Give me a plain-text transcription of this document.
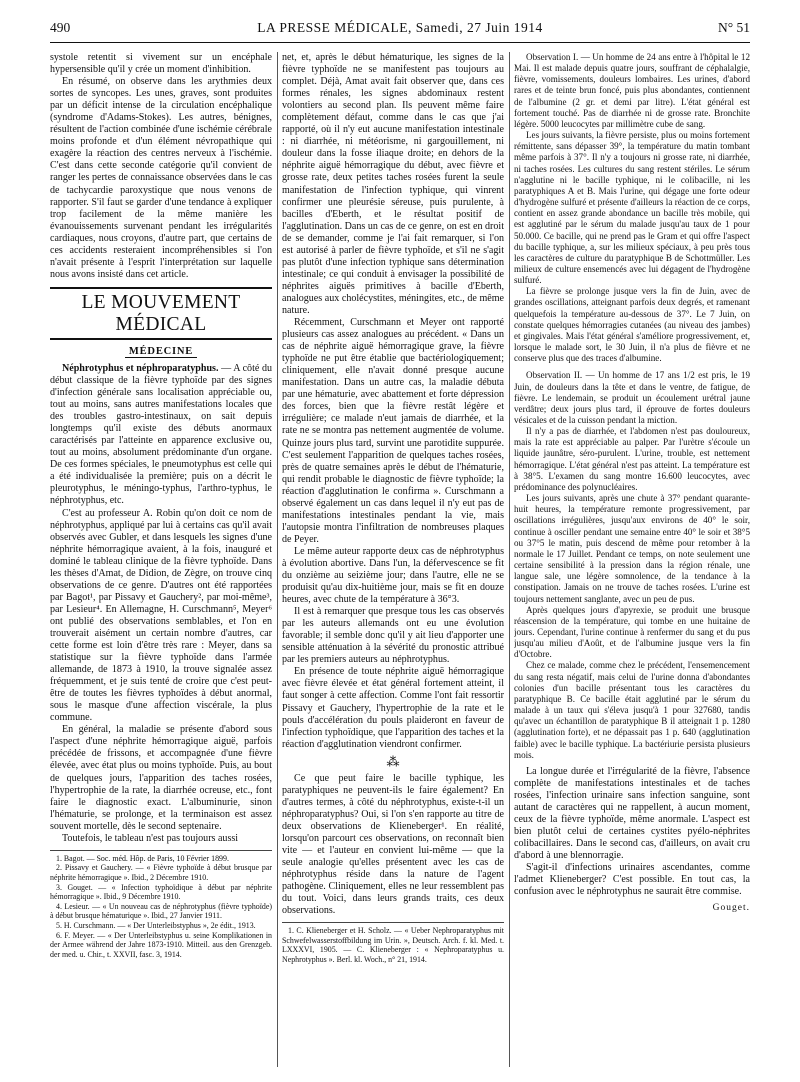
490	LA PRESSE MÉDICALE, Samedi, 27 Juin 1914	N° 51

systole retentit si vivement sur un encéphale hypersensible qu'il y crée un moment d'inhibition.

En résumé, on observe dans les arythmies deux sortes de syncopes. Les unes, graves, sont produites par un déficit intense de la circulation encéphalique (syndrome d'Adams-Stokes). Les autres, bénignes, résultent de l'action combinée d'une ischémie cérébrale moins profonde et d'un élément névropathique qui exagère la réaction des centres nerveux à l'ischémie. C'est dans cette seconde catégorie qu'il convient de ranger les pertes de connaissance observées dans le cas de tachycardie paroxystique que nous venons de rapporter. S'il faut se garder d'une tendance à expliquer trop facilement de la même manière les évanouissements survenant pendant les irrégularités cardiaques, nous croyons, d'autre part, que certains de ces accidents resteraient incompréhensibles si l'on n'avait présente à l'esprit l'interprétation sur laquelle nous avons insisté dans cet article.

LE MOUVEMENT MÉDICAL
MÉDECINE

Néphrotyphus et néphroparatyphus. — A côté du début classique de la fièvre typhoïde par des signes d'infection générale sans localisation appréciable ou, tout au moins, sans autres manifestations locales que des troubles gastro-intestinaux, on sait depuis longtemps qu'il existe des débuts anormaux caractérisés par l'atteinte en apparence exclusive ou, tout au moins, absolument prédominante d'un organe. De ces formes spéciales, le pneumotyphus est celle qui a été individualisée la première; puis on a décrit le pleurotyphus, le méningo-typhus, l'arthro-typhus, le néphrotyphus, etc.

C'est au professeur A. Robin qu'on doit ce nom de néphrotyphus, appliqué par lui à certains cas qu'il avait observés avec Gubler, et dans lesquels les signes d'une néphrite hémorragique avaient, à la fois, inauguré et dominé le tableau clinique de la fièvre typhoïde. Dans les thèses d'Amat, de Didion, de Zègre, on trouve cinq observations de ce genre. D'autres ont été rapportées par Bagot¹, par Pissavy et Gauchery², par moi-même³, par Lesieur⁴. En Allemagne, H. Curschmann⁵, Meyer⁶ ont publié des observations semblables, et l'on en trouverait aisément un certain nombre d'autres, car cette forme est loin d'être très rare : Meyer, dans sa statistique sur la fièvre typhoïde dans l'armée allemande, de 1873 à 1910, la trouve signalée assez fréquemment, et je suis tenté de croire que c'est peut-être de toutes les fièvres typhoïdes à début anormal, sous le masque d'une affection viscérale, la plus commune.

En général, la maladie se présente d'abord sous l'aspect d'une néphrite hémorragique aiguë, parfois précédée de frissons, et accompagnée d'une fièvre élevée, avec état plus ou moins typhoïde. Puis, au bout de quelques jours, l'apparition des taches rosées, l'hypertrophie de la rate, la diarrhée ocreuse, etc., font faire le diagnostic exact. L'albuminurie, sinon l'hématurie, se prolonge, et la terminaison est assez souvent mortelle, dès le second septenaire.

Toutefois, le tableau n'est pas toujours aussi

1. Bagot. — Soc. méd. Hôp. de Paris, 10 Février 1899.

2. Pissavy et Gauchery. — « Fièvre typhoïde à début brusque par néphrite hémorragique ». Ibid., 2 Décembre 1910.

3. Gouget. — « Infection typhoïdique à début par néphrite hémorragique ». Ibid., 9 Décembre 1910.

4. Lesieur. — « Un nouveau cas de néphrotyphus (fièvre typhoïde) à début brusque hématurique ». Ibid., 27 Janvier 1911.

5. H. Curschmann. — « Der Unterleibstyphus », 2e édit., 1913.

6. F. Meyer. — « Der Unterleibstyphus u. seine Komplikationen in der Armee während der Jahre 1873-1910. Mitteil. aus den Grenzgeb. der med. u. Chir., t. XXVII, fasc. 3, 1914.

net, et, après le début hématurique, les signes de la fièvre typhoïde ne se manifestent pas toujours au complet. Déjà, Amat avait fait observer que, dans ces formes rénales, les signes abdominaux restent volontiers au second plan. Ils peuvent même faire complètement défaut, comme dans le cas que j'ai rapporté, où il n'y eut aucune manifestation intestinale : ni diarrhée, ni météorisme, ni gargouillement, ni douleur dans la fosse iliaque droite; en dehors de la néphrite aiguë hémorragique du début, avec fièvre et grosse rate, deux petites taches rosées furent la seule manifestation de l'infection typhique, qui vinrent confirmer une pleurésie séreuse, puis purulente, à bacilles d'Eberth, et le résultat positif de l'agglutination. Dans un cas de ce genre, on est en droit de se demander, comme je l'ai fait remarquer, si l'on est autorisé à parler de fièvre typhoïde, et s'il ne s'agit pas plutôt d'une infection typhique sans détermination intestinale; ce qui conduit à envisager la possibilité de néphrites aiguës primitives à bacille d'Eberth, analogues aux cholécystites, méningites, etc., de même nature.

Récemment, Curschmann et Meyer ont rapporté plusieurs cas assez analogues au précédent. « Dans un cas de néphrite aiguë hémorragique grave, la fièvre typhoïde ne put être établie que bactériologiquement; cliniquement, elle n'avait donné presque aucune manifestation. Dans un autre cas, la maladie débuta par une hématurie, avec abattement et forte dépression des forces, bien que la fièvre restât légère et irrégulière; ce malade n'eut jamais de diarrhée, et la rate ne se montra pas nettement augmentée de volume. Quinze jours plus tard, survint une parotidite suppurée. C'est seulement l'apparition de quelques taches rosées, près de quatre semaines après le début de l'hématurie, qui rendit probable le diagnostic de fièvre typhoïde; la réaction d'agglutination le confirma ». Curschmann a observé également un cas dans lequel il n'y eut pas de manifestations intestinales pendant la vie, mais l'autopsie montra l'infiltration de nombreuses plaques de Peyer.

Le même auteur rapporte deux cas de néphrotyphus à évolution abortive. Dans l'un, la défervescence se fit du onzième au seizième jour; dans l'autre, elle ne se produisit qu'au dix-huitième jour, mais se fit en douze heures, avec chute de la température à 36°3.

Il est à remarquer que presque tous les cas observés par les auteurs allemands ont eu une évolution favorable; il semble donc qu'il y ait lieu d'apporter une sensible atténuation à la sévérité du pronostic attribué par les premiers auteurs au néphrotyphus.

En présence de toute néphrite aiguë hémorragique avec fièvre élevée et état général fortement atteint, il faut songer à cette affection. Comme l'ont fait ressortir Pissavy et Gauchery, l'hypertrophie de la rate et le pouls d'accélération du pouls plaideront en faveur de l'infection typhoïdique, que l'apparition des taches et la réaction d'agglutination viendront confirmer.

⁂

Ce que peut faire le bacille typhique, les paratyphiques ne peuvent-ils le faire également? En d'autres termes, à côté du néphrotyphus, existe-t-il un néphroparatyphus? Oui, si l'on s'en rapporte au titre de deux observations de Klieneberger¹. En réalité, lorsqu'on parcourt ces observations, on reconnaît bien vite — et l'auteur en convient lui-même — que la seule analogie qu'elles présentent avec les cas de néphrotyphus réside dans la nature de l'agent pathogène. Cliniquement, elles ne leur ressemblent pas du tout. Voici, dans leurs grands traits, ces deux observations.

1. C. Klieneberger et H. Scholz. — « Ueber Nephroparatyphus mit Schwefelwasserstoffbildung im Urin. », Deutsch. Arch. f. kl. Med. t. LXXXVI, 1905. — C. Klieneberger : « Nephroparatyphus u. Nephrotyphus ». Berl. kl. Woch., n° 21, 1914.

Observation I. — Un homme de 24 ans entre à l'hôpital le 12 Mai. Il est malade depuis quatre jours, souffrant de céphalalgie, fièvre, vomissements, douleurs lombaires. Les urines, d'abord rares et de teinte brun foncé, puis plus abondantes, contiennent de l'albumine (2 gr. et demi par litre). L'état général est fortement touché. Pas de diarrhée ni de grosse rate. Bronchite légère. 5000 leucocytes par millimètre cube de sang.

Les jours suivants, la fièvre persiste, plus ou moins fortement rémittente, sans dépasser 39°, la température du matin tombant même parfois à 37°. Il n'y a toujours ni grosse rate, ni diarrhée, ni taches rosées. Les cultures du sang restent stériles. Le sérum n'agglutine ni le bacille typhique, ni le colibacille, ni les paratyphiques A et B. Mais l'urine, qui dégage une forte odeur d'hydrogène sulfuré et présente d'ailleurs la réaction de ce corps, contient en assez grande abondance un bacille très mobile, qui est agglutiné par le sérum du malade jusqu'au taux de 1 pour 50.000. Ce bacille, qui ne prend pas le Gram et qui offre l'aspect du bacille typhique, a, sur les milieux spéciaux, à peu près tous les caractères de culture du paratyphique B de Schottmüller. Les milieux de culture ensemencés avec lui dégagent de l'hydrogène sulfuré.

La fièvre se prolonge jusque vers la fin de Juin, avec de grandes oscillations, atteignant parfois deux degrés, et ramenant quelquefois la température au-dessous de 37°. Le 7 Juin, on constate quelques hémorragies cutanées (au niveau des jambes) et gingivales. Mais l'état général s'améliore progressivement, et, lorsque le malade sort, le 30 Juin, il n'a plus de fièvre et ne conserve plus que des traces d'albumine.

Observation II. — Un homme de 17 ans 1/2 est pris, le 19 Juin, de douleurs dans la tête et dans le ventre, de fatigue, de fièvre. Le lendemain, se produit un écoulement urétral jaune verdâtre; deux jours plus tard, il éprouve de fortes douleurs vésicales et de la cuisson pendant la miction.

Il n'y a pas de diarrhée, et l'abdomen n'est pas douloureux, mais la rate est appréciable au palper. Par l'urètre s'écoule un liquide jaunâtre, séro-purulent. L'urine, trouble, est nettement hémorragique. L'état général n'est pas atteint. La température est à 38°5. L'examen du sang montre 16.600 leucocytes, avec prédominance des polynucléaires.

Les jours suivants, après une chute à 37° pendant quarante-huit heures, la température remonte progressivement, par oscillations irrégulières, jusqu'aux environs de 40° le soir, continue à osciller pendant une semaine entre 40° le soir et 38°5 ou 37°5 le matin, puis descend de même pour retomber à la normale le 17 Juillet. Pendant ce temps, on note seulement une certaine sensibilité à la pression dans la région rénale, une langue sale, une légère somnolence, de la tendance à la constipation. Jamais on ne trouve de taches rosées. L'urine est toujours nettement sanglante, avec un peu de pus.

Après quelques jours d'apyrexie, se produit une brusque réascension de la température, qui tombe en une huitaine de jours. Cependant, l'urine continue à renfermer du sang et du pus jusqu'au milieu d'Août, et de l'albumine jusque vers la fin d'Octobre.

Chez ce malade, comme chez le précédent, l'ensemencement du sang resta négatif, mais celui de l'urine donna d'abondantes colonies d'un bacille présentant tous les caractères du paratyphique B. Ce bacille était agglutiné par le sérum du malade à un taux qui s'éleva jusqu'à 1 pour 327680, tandis qu'avec un échantillon de paratyphique B il atteignait 1 p. 1280 (agglutination forte), et ne dépassait pas 1 p. 640 (agglutination faible) avec le bacille typhique. La bactériurie persista plusieurs mois.

La longue durée et l'irrégularité de la fièvre, l'absence complète de manifestations intestinales et de taches rosées, l'infection urinaire sans infection sanguine, sont autant de caractères qui ne rappellent, à aucun moment, ceux de la fièvre typhoïde, même anormale. L'aspect est bien plutôt celui de certaines cystites pyélo-néphrites colibacillaires. Dans le second cas, d'ailleurs, on avait cru d'abord à une blennorragie.

S'agit-il d'infections urinaires ascendantes, comme l'admet Klieneberger? C'est possible. En tout cas, la confusion avec le néphrotyphus ne saurait être commise.

Gouget.
